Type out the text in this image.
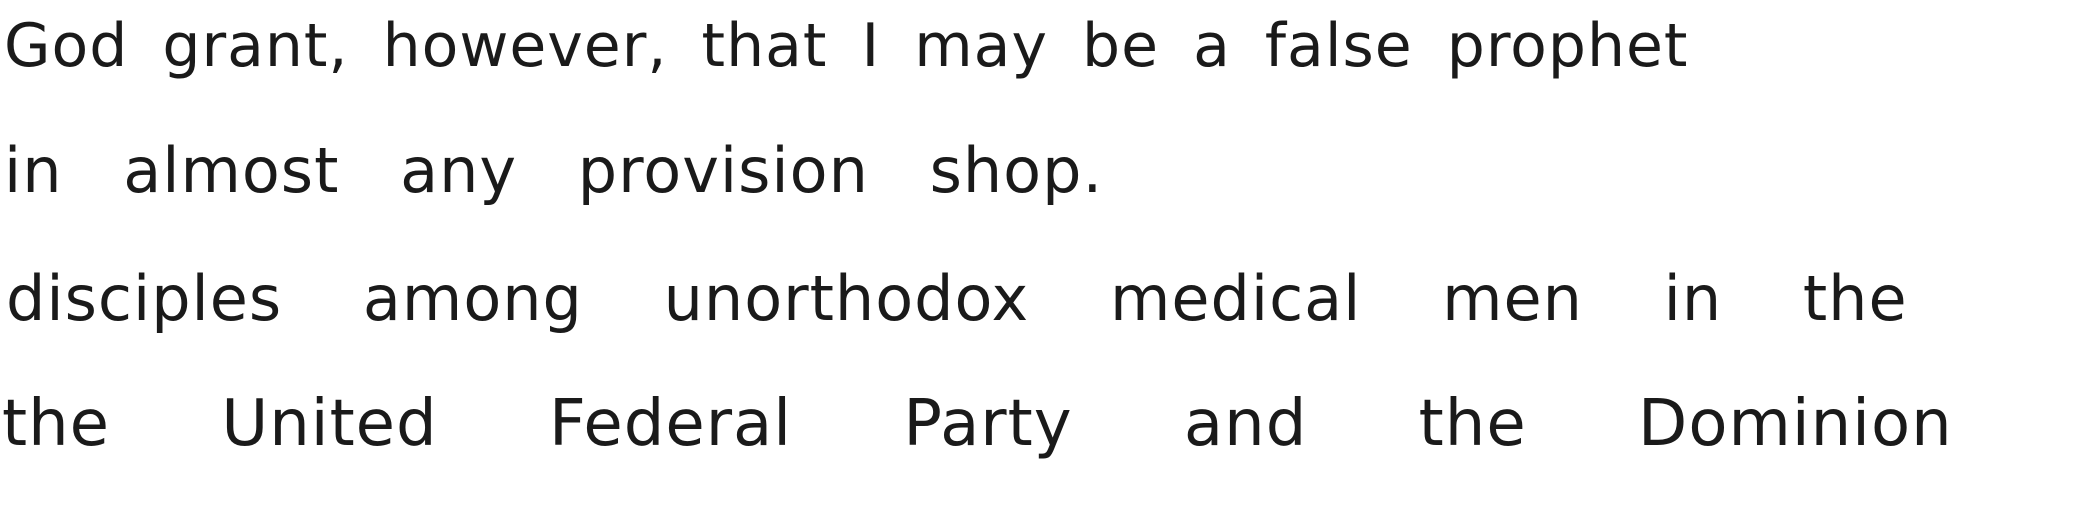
God grant, however, that I may be a false prophet
in almost any provision shop.
disciples among unorthodox medical men in the
the United Federal Party and the Dominion
